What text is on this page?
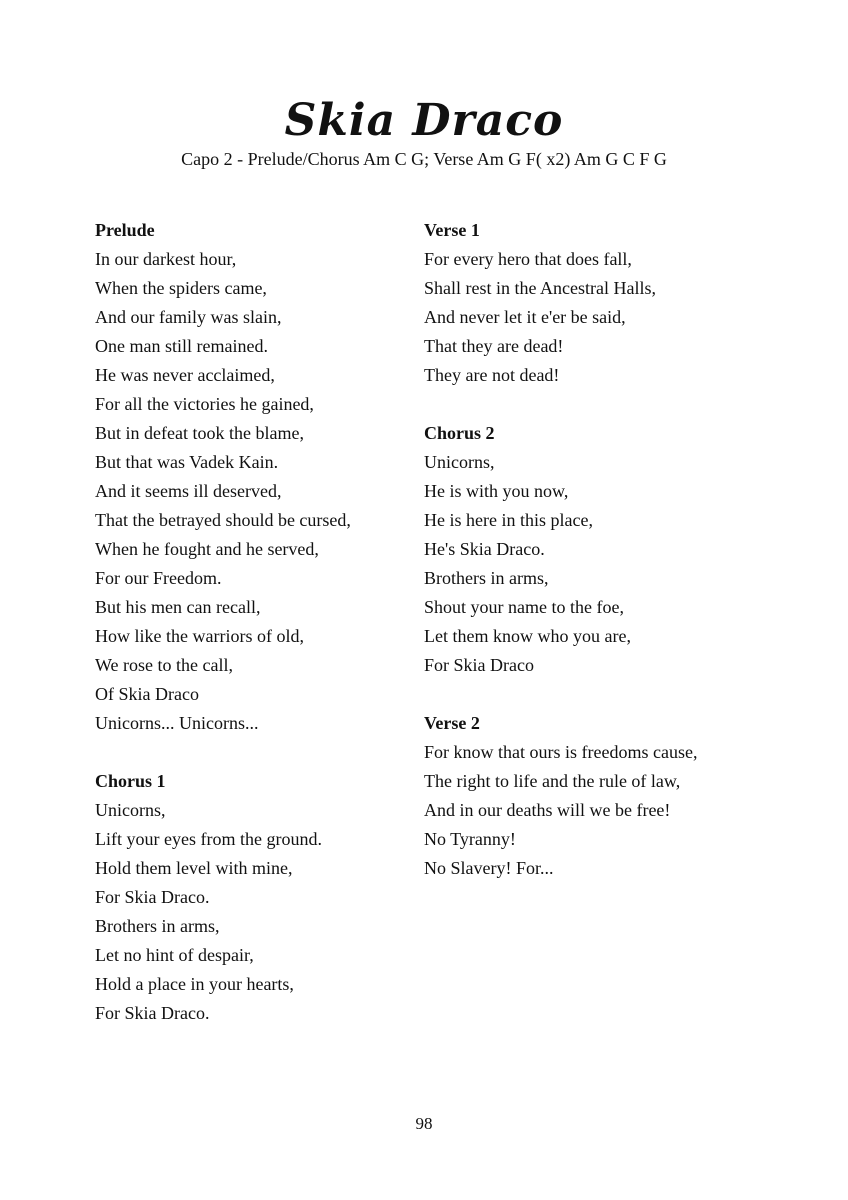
Skia Draco
Capo 2 - Prelude/Chorus Am C G; Verse Am G F( x2) Am G C F G
Prelude
In our darkest hour,
When the spiders came,
And our family was slain,
One man still remained.
He was never acclaimed,
For all the victories he gained,
But in defeat took the blame,
But that was Vadek Kain.
And it seems ill deserved,
That the betrayed should be cursed,
When he fought and he served,
For our Freedom.
But his men can recall,
How like the warriors of old,
We rose to the call,
Of Skia Draco
Unicorns... Unicorns...
Chorus 1
Unicorns,
Lift your eyes from the ground.
Hold them level with mine,
For Skia Draco.
Brothers in arms,
Let no hint of despair,
Hold a place in your hearts,
For Skia Draco.
Verse 1
For every hero that does fall,
Shall rest in the Ancestral Halls,
And never let it e'er be said,
That they are dead!
They are not dead!
Chorus 2
Unicorns,
He is with you now,
He is here in this place,
He's Skia Draco.
Brothers in arms,
Shout your name to the foe,
Let them know who you are,
For Skia Draco
Verse 2
For know that ours is freedoms cause,
The right to life and the rule of law,
And in our deaths will we be free!
No Tyranny!
No Slavery! For...
98
